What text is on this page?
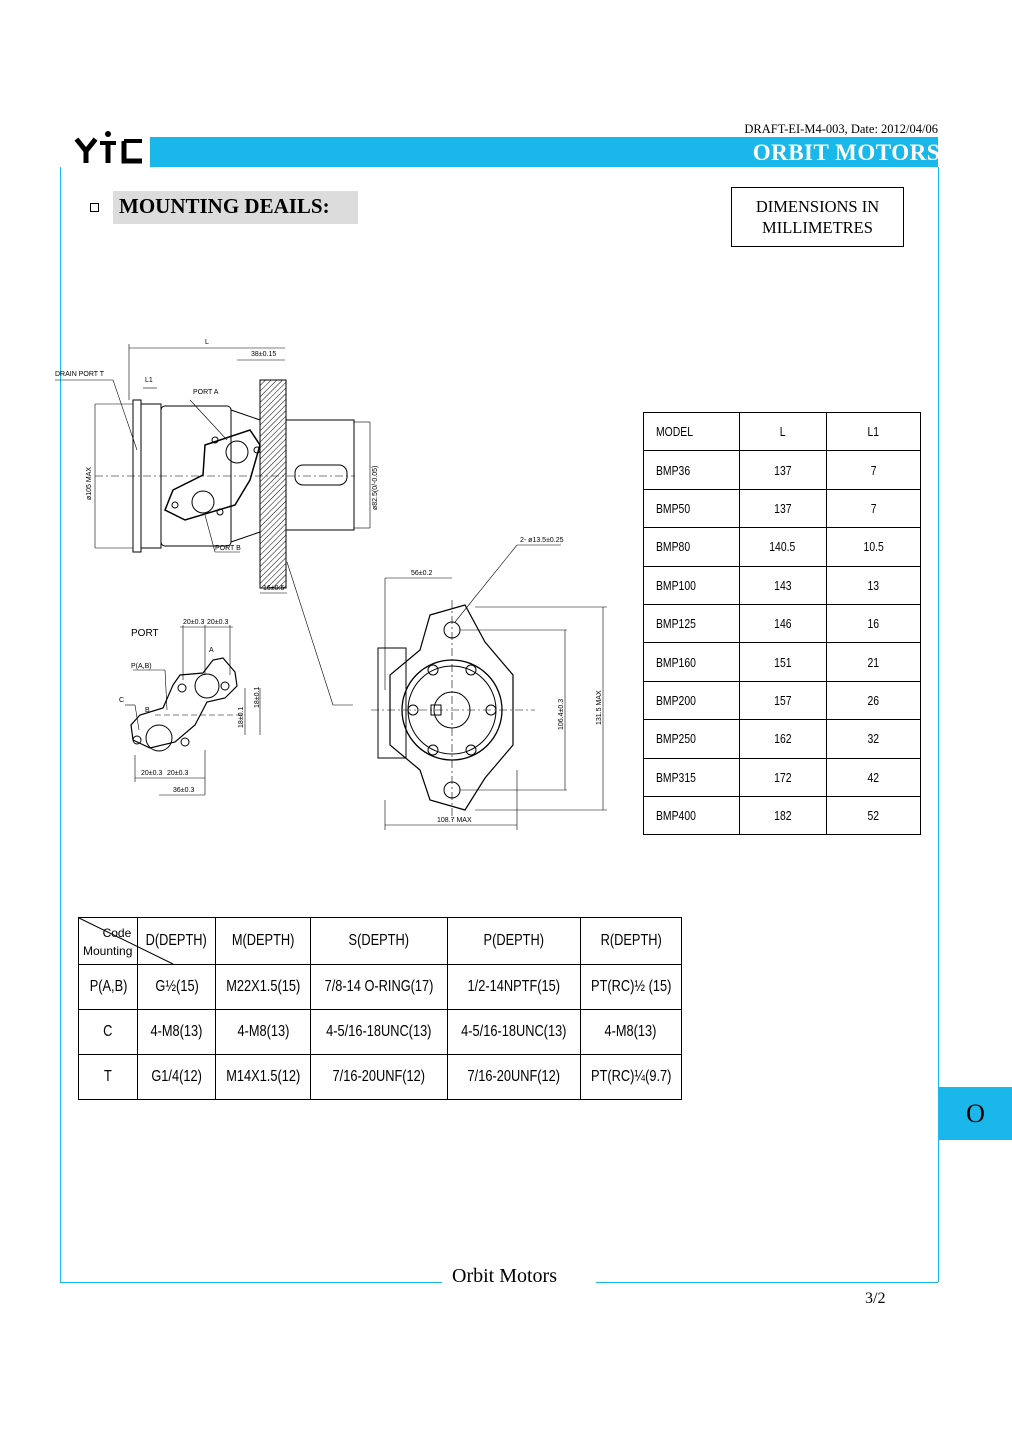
YiL
DRAFT-EI-M4-003, Date: 2012/04/06
ORBIT MOTORS
MOUNTING DEAILS:	DIMENSIONS IN
MILLIMETRES
L
38±0.15
DRAIN PORT T
L1
PORT A
PORT B
ø105 MAX	ø82.5(0/-0.05)
16±0.5
2- ø13.5±0.25
56±0.2
106.4±0.3	131.5 MAX
108.7 MAX
PORT
P(A,B)
C
A
B
20±0.3 20±0.3
18±0.1
18±0.1
20±0.3 20±0.3
36±0.3
MODEL	L	L1
BMP36	137	7
BMP50	137	7
BMP80	140.5	10.5
BMP100	143	13
BMP125	146	16
BMP160	151	21
BMP200	157	26
BMP250	162	32
BMP315	172	42
BMP400	182	52
Code
Mounting	D(DEPTH)	M(DEPTH)	S(DEPTH)	P(DEPTH)	R(DEPTH)
P(A,B)	G½(15)	M22X1.5(15)	7/8-14 O-RING(17)	1/2-14NPTF(15)	PT(RC)½ (15)
C	4-M8(13)	4-M8(13)	4-5/16-18UNC(13)	4-5/16-18UNC(13)	4-M8(13)
T	G1/4(12)	M14X1.5(12)	7/16-20UNF(12)	7/16-20UNF(12)	PT(RC)¼(9.7)
O
Orbit Motors
3/2
